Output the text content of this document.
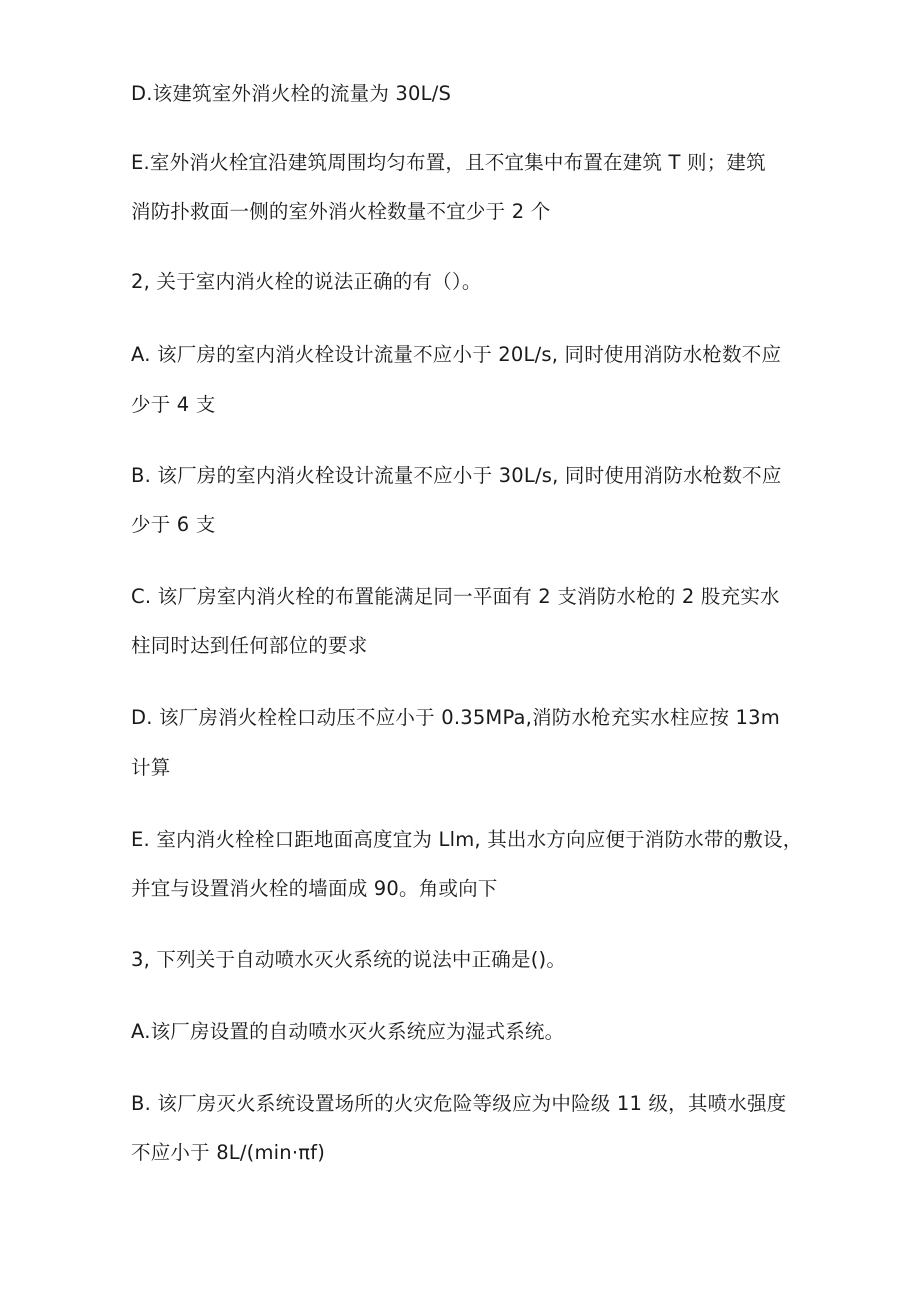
D.该建筑室外消火栓的流量为 30L/S
E.室外消火栓宜沿建筑周围均匀布置，且不宜集中布置在建筑 T 则；建筑
消防扑救面一侧的室外消火栓数量不宜少于 2 个
2, 关于室内消火栓的说法正确的有（）。
A. 该厂房的室内消火栓设计流量不应小于 20L∕s, 同时使用消防水枪数不应
少于 4 支
B. 该厂房的室内消火栓设计流量不应小于 30L∕s, 同时使用消防水枪数不应
少于 6 支
C. 该厂房室内消火栓的布置能满足同一平面有 2 支消防水枪的 2 股充实水
柱同时达到任何部位的要求
D. 该厂房消火栓栓口动压不应小于 0.35MPa,消防水枪充实水柱应按 13m
计算
E. 室内消火栓栓口距地面高度宜为 Llm, 其出水方向应便于消防水带的敷设，
并宜与设置消火栓的墙面成 90。角或向下
3, 下列关于自动喷水灭火系统的说法中正确是()。
A.该厂房设置的自动喷水灭火系统应为湿式系统。
B. 该厂房灭火系统设置场所的火灾危险等级应为中险级 11 级，其喷水强度
不应小于 8L∕(min·πf)
